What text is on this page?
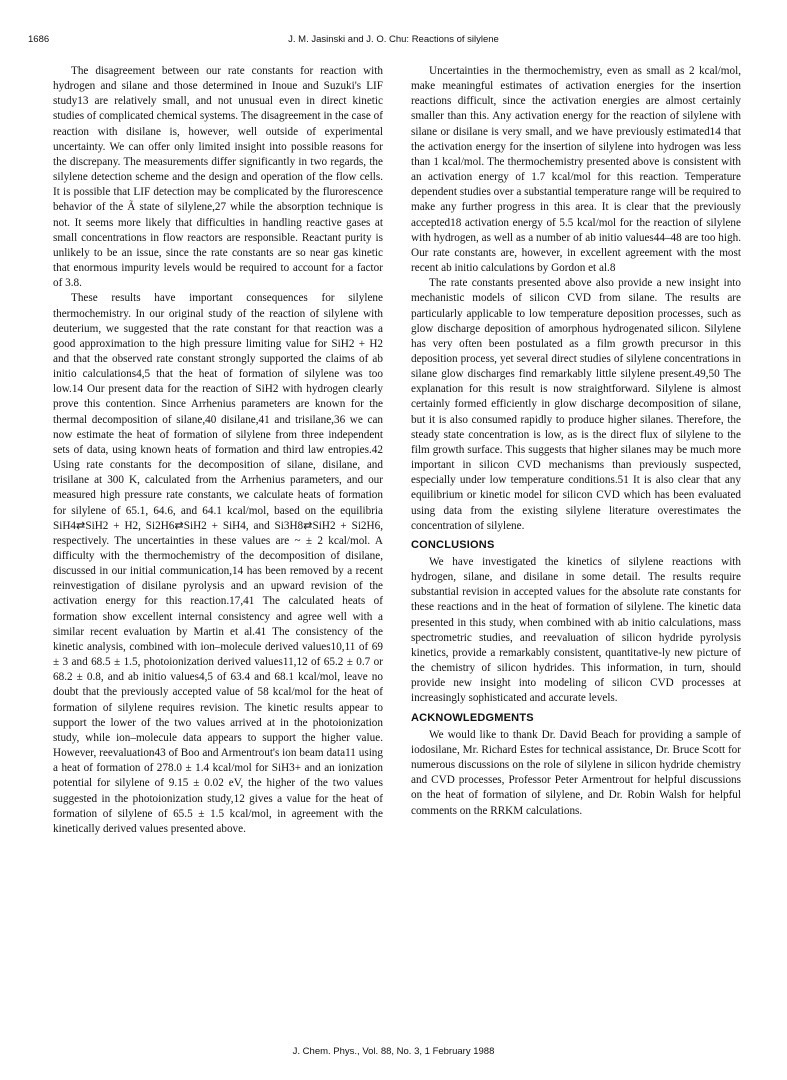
1686	J. M. Jasinski and J. O. Chu: Reactions of silylene

The disagreement between our rate constants for reaction with hydrogen and silane and those determined in Inoue and Suzuki's LIF study13 are relatively small, and not unusual even in direct kinetic studies of complicated chemical systems. The disagreement in the case of reaction with disilane is, however, well outside of experimental uncertainty. We can offer only limited insight into possible reasons for the discrepany. The measurements differ significantly in two regards, the silylene detection scheme and the design and operation of the flow cells. It is possible that LIF detection may be complicated by the flurorescence behavior of the Ã state of silylene,27 while the absorption technique is not. It seems more likely that difficulties in handling reactive gases at small concentrations in flow reactors are responsible. Reactant purity is unlikely to be an issue, since the rate constants are so near gas kinetic that enormous impurity levels would be required to account for a factor of 3.8.

These results have important consequences for silylene thermochemistry. In our original study of the reaction of silylene with deuterium, we suggested that the rate constant for that reaction was a good approximation to the high pressure limiting value for SiH2 + H2 and that the observed rate constant strongly supported the claims of ab initio calculations4,5 that the heat of formation of silylene was too low.14 Our present data for the reaction of SiH2 with hydrogen clearly prove this contention. Since Arrhenius parameters are known for the thermal decomposition of silane,40 disilane,41 and trisilane,36 we can now estimate the heat of formation of silylene from three independent sets of data, using known heats of formation and third law entropies.42 Using rate constants for the decomposition of silane, disilane, and trisilane at 300 K, calculated from the Arrhenius parameters, and our measured high pressure rate constants, we calculate heats of formation for silylene of 65.1, 64.6, and 64.1 kcal/mol, based on the equilibria SiH4⇄SiH2 + H2, Si2H6⇄SiH2 + SiH4, and Si3H8⇄SiH2 + Si2H6, respectively. The uncertainties in these values are ~ ± 2 kcal/mol. A difficulty with the thermochemistry of the decomposition of disilane, discussed in our initial communication,14 has been removed by a recent reinvestigation of disilane pyrolysis and an upward revision of the activation energy for this reaction.17,41 The calculated heats of formation show excellent internal consistency and agree well with a similar recent evaluation by Martin et al.41 The consistency of the kinetic analysis, combined with ion–molecule derived values10,11 of 69 ± 3 and 68.5 ± 1.5, photoionization derived values11,12 of 65.2 ± 0.7 or 68.2 ± 0.8, and ab initio values4,5 of 63.4 and 68.1 kcal/mol, leave no doubt that the previously accepted value of 58 kcal/mol for the heat of formation of silylene requires revision. The kinetic results appear to support the lower of the two values arrived at in the photoionization study, while ion–molecule data appears to support the higher value. However, reevaluation43 of Boo and Armentrout's ion beam data11 using a heat of formation of 278.0 ± 1.4 kcal/mol for SiH3+ and an ionization potential for silylene of 9.15 ± 0.02 eV, the higher of the two values suggested in the photoionization study,12 gives a value for the heat of formation of silylene of 65.5 ± 1.5 kcal/mol, in agreement with the kinetically derived values presented above.

Uncertainties in the thermochemistry, even as small as 2 kcal/mol, make meaningful estimates of activation energies for the insertion reactions difficult, since the activation energies are almost certainly smaller than this. Any activation energy for the reaction of silylene with silane or disilane is very small, and we have previously estimated14 that the activation energy for the insertion of silylene into hydrogen was less than 1 kcal/mol. The thermochemistry presented above is consistent with an activation energy of 1.7 kcal/mol for this reaction. Temperature dependent studies over a substantial temperature range will be required to make any further progress in this area. It is clear that the previously accepted18 activation energy of 5.5 kcal/mol for the reaction of silylene with hydrogen, as well as a number of ab initio values44–48 are too high. Our rate constants are, however, in excellent agreement with the most recent ab initio calculations by Gordon et al.8

The rate constants presented above also provide a new insight into mechanistic models of silicon CVD from silane. The results are particularly applicable to low temperature deposition processes, such as glow discharge deposition of amorphous hydrogenated silicon. Silylene has very often been postulated as a film growth precursor in this deposition process, yet several direct studies of silylene concentrations in silane glow discharges find remarkably little silylene present.49,50 The explanation for this result is now straightforward. Silylene is almost certainly formed efficiently in glow discharge decomposition of silane, but it is also consumed rapidly to produce higher silanes. Therefore, the steady state concentration is low, as is the direct flux of silylene to the film growth surface. This suggests that higher silanes may be much more important in silicon CVD mechanisms than previously suspected, especially under low temperature conditions.51 It is also clear that any equilibrium or kinetic model for silicon CVD which has been evaluated using data from the existing silylene literature overestimates the concentration of silylene.

CONCLUSIONS

We have investigated the kinetics of silylene reactions with hydrogen, silane, and disilane in some detail. The results require substantial revision in accepted values for the absolute rate constants for these reactions and in the heat of formation of silylene. The kinetic data presented in this study, when combined with ab initio calculations, mass spectrometric studies, and reevaluation of silicon hydride pyrolysis kinetics, provide a remarkably consistent, quantitative-ly new picture of the chemistry of silicon hydrides. This information, in turn, should provide new insight into modeling of silicon CVD processes at increasingly sophisticated and accurate levels.

ACKNOWLEDGMENTS

We would like to thank Dr. David Beach for providing a sample of iodosilane, Mr. Richard Estes for technical assistance, Dr. Bruce Scott for numerous discussions on the role of silylene in silicon hydride chemistry and CVD processes, Professor Peter Armentrout for helpful discussions on the heat of formation of silylene, and Dr. Robin Walsh for helpful comments on the RRKM calculations.

J. Chem. Phys., Vol. 88, No. 3, 1 February 1988
